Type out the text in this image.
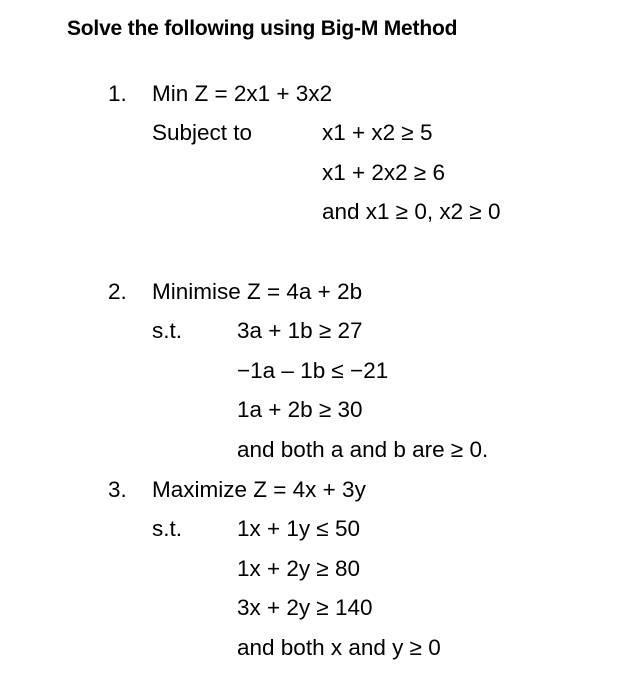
Solve the following using Big-M Method
1. Min Z = 2x1 + 3x2
Subject to	x1 + x2 ≥ 5
x1 + 2x2 ≥ 6
and x1 ≥ 0, x2 ≥ 0
2. Minimise Z = 4a + 2b
s.t. 3a + 1b ≥ 27
−1a – 1b ≤ −21
1a + 2b ≥ 30
and both a and b are ≥ 0.
3. Maximize Z = 4x + 3y
s.t. 1x + 1y ≤ 50
1x + 2y ≥ 80
3x + 2y ≥ 140
and both x and y ≥ 0
